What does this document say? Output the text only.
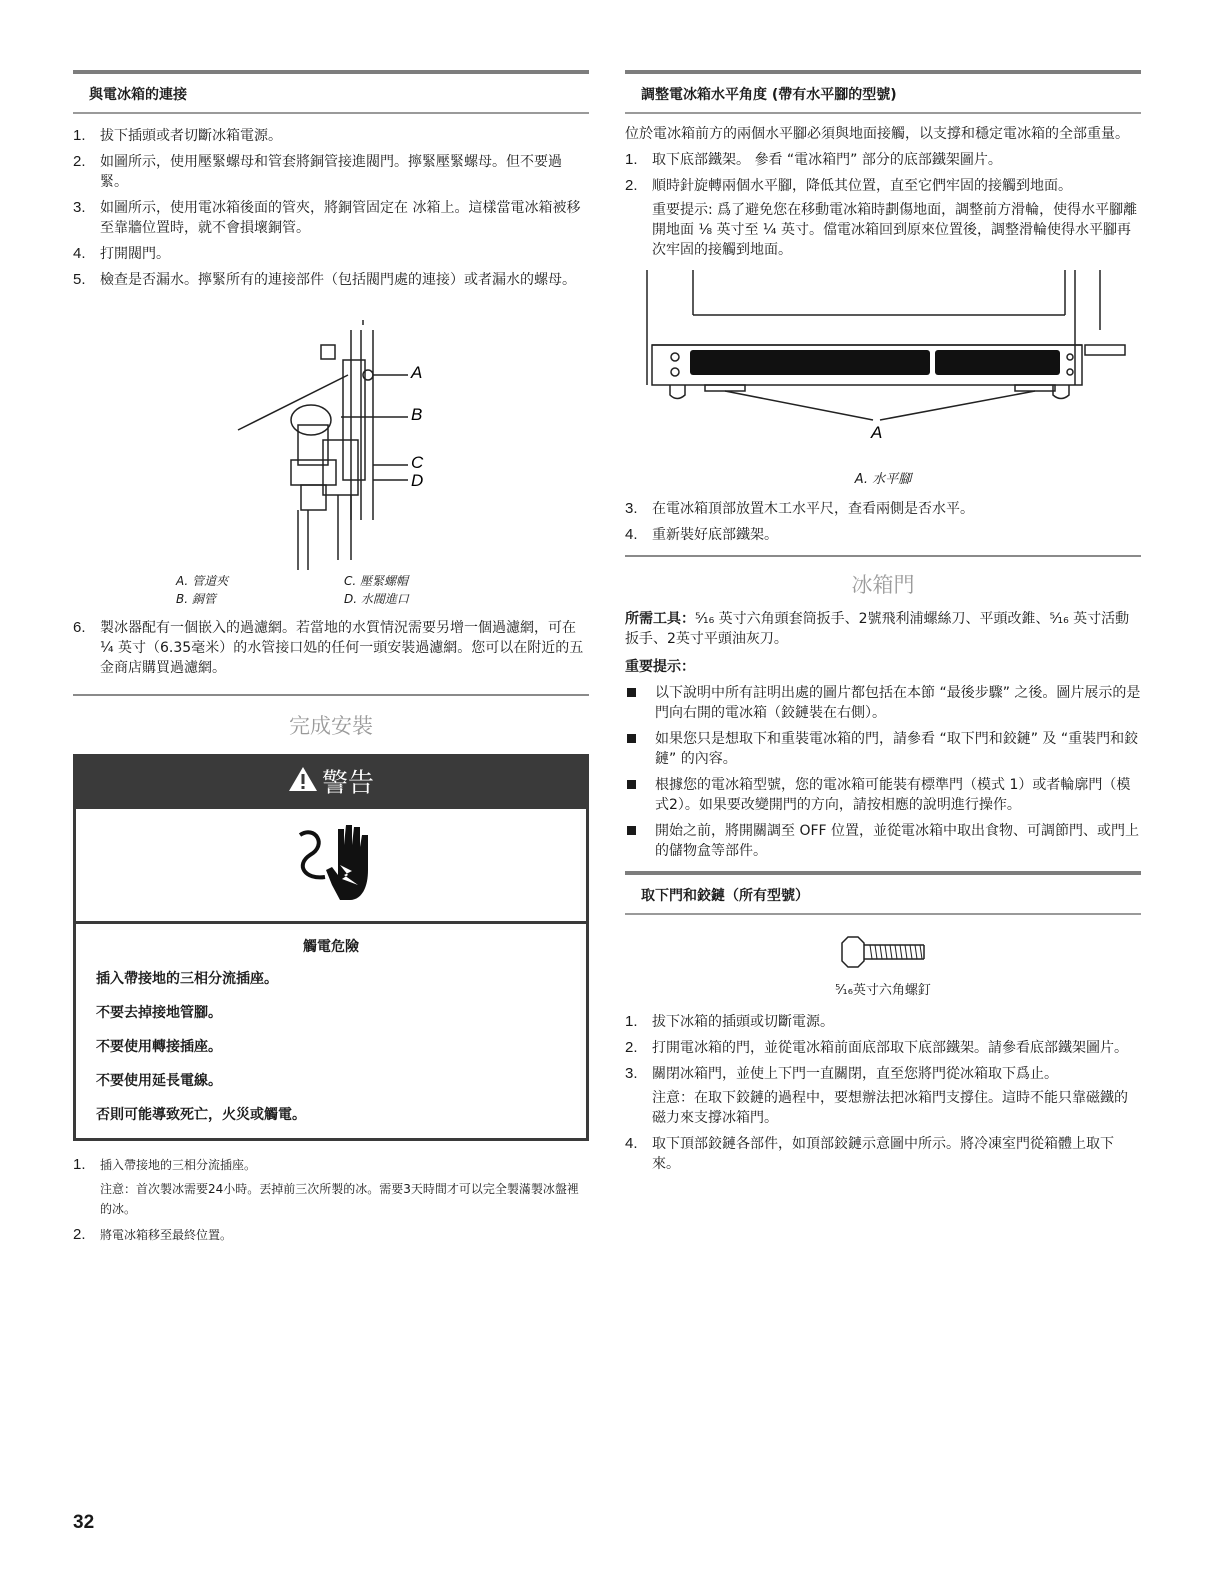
與電冰箱的連接
1. 拔下插頭或者切斷冰箱電源。
2. 如圖所示，使用壓緊螺母和管套將銅管接進閥門。擰緊壓緊螺母。但不要過緊。
3. 如圖所示，使用電冰箱後面的管夾，將銅管固定在 冰箱上。這樣當電冰箱被移至靠牆位置時，就不會損壞銅管。
4. 打開閥門。
5. 檢查是否漏水。擰緊所有的連接部件（包括閥門處的連接）或者漏水的螺母。
A
B
C
D
A. 管道夾
B. 銅管
C. 壓緊螺帽
D. 水閥進口
6. 製冰器配有一個嵌入的過濾網。若當地的水質情況需要另增一個過濾網，可在 ¼ 英寸（6.35毫米）的水管接口処的任何一頭安裝過濾網。您可以在附近的五金商店購買過濾網。
完成安裝
警告
觸電危險
插入帶接地的三相分流插座。
不要去掉接地管腳。
不要使用轉接插座。
不要使用延長電線。
否則可能導致死亡，火災或觸電。
1. 插入帶接地的三相分流插座。
注意：首次製冰需要24小時。丟掉前三次所製的冰。需要3天時間才可以完全製滿製冰盤裡的冰。
2. 將電冰箱移至最終位置。
調整電冰箱水平角度 (帶有水平腳的型號)
位於電冰箱前方的兩個水平腳必須與地面接觸，以支撐和穩定電冰箱的全部重量。
1. 取下底部鐵架。 參看 “電冰箱門” 部分的底部鐵架圖片。
2. 順時針旋轉兩個水平腳，降低其位置，直至它們牢固的接觸到地面。
重要提示: 爲了避免您在移動電冰箱時劃傷地面，調整前方滑輪，使得水平腳離開地面 ⅛ 英寸至 ¼ 英寸。儅電冰箱回到原來位置後，調整滑輪使得水平腳再次牢固的接觸到地面。
A
A. 水平腳
3. 在電冰箱頂部放置木工水平尺，查看兩側是否水平。
4. 重新裝好底部鐵架。
冰箱門
所需工具：⁵⁄₁₆ 英寸六角頭套筒扳手、2號飛利浦螺絲刀、平頭改錐、⁵⁄₁₆ 英寸活動扳手、2英寸平頭油灰刀。
重要提示：
以下說明中所有註明出處的圖片都包括在本節 “最後步驟” 之後。圖片展示的是門向右開的電冰箱（鉸鏈裝在右側）。
如果您只是想取下和重裝電冰箱的門，請參看 “取下門和鉸鏈” 及 “重裝門和鉸鏈” 的內容。
根據您的電冰箱型號，您的電冰箱可能裝有標準門（模式 1）或者輪廓門（模式2）。如果要改變開門的方向，請按相應的說明進行操作。
開始之前，將開關調至 OFF 位置，並從電冰箱中取出食物、可調節門、或門上的儲物盒等部件。
取下門和鉸鏈（所有型號）
⁵⁄₁₆英寸六角螺釘
1. 拔下冰箱的插頭或切斷電源。
2. 打開電冰箱的門，並從電冰箱前面底部取下底部鐵架。請參看底部鐵架圖片。
3. 關閉冰箱門，並使上下門一直關閉，直至您將門從冰箱取下爲止。
注意：在取下鉸鏈的過程中，要想辦法把冰箱門支撐住。這時不能只靠磁鐵的磁力來支撐冰箱門。
4. 取下頂部鉸鏈各部件，如頂部鉸鏈示意圖中所示。將冷凍室門從箱體上取下來。
32
